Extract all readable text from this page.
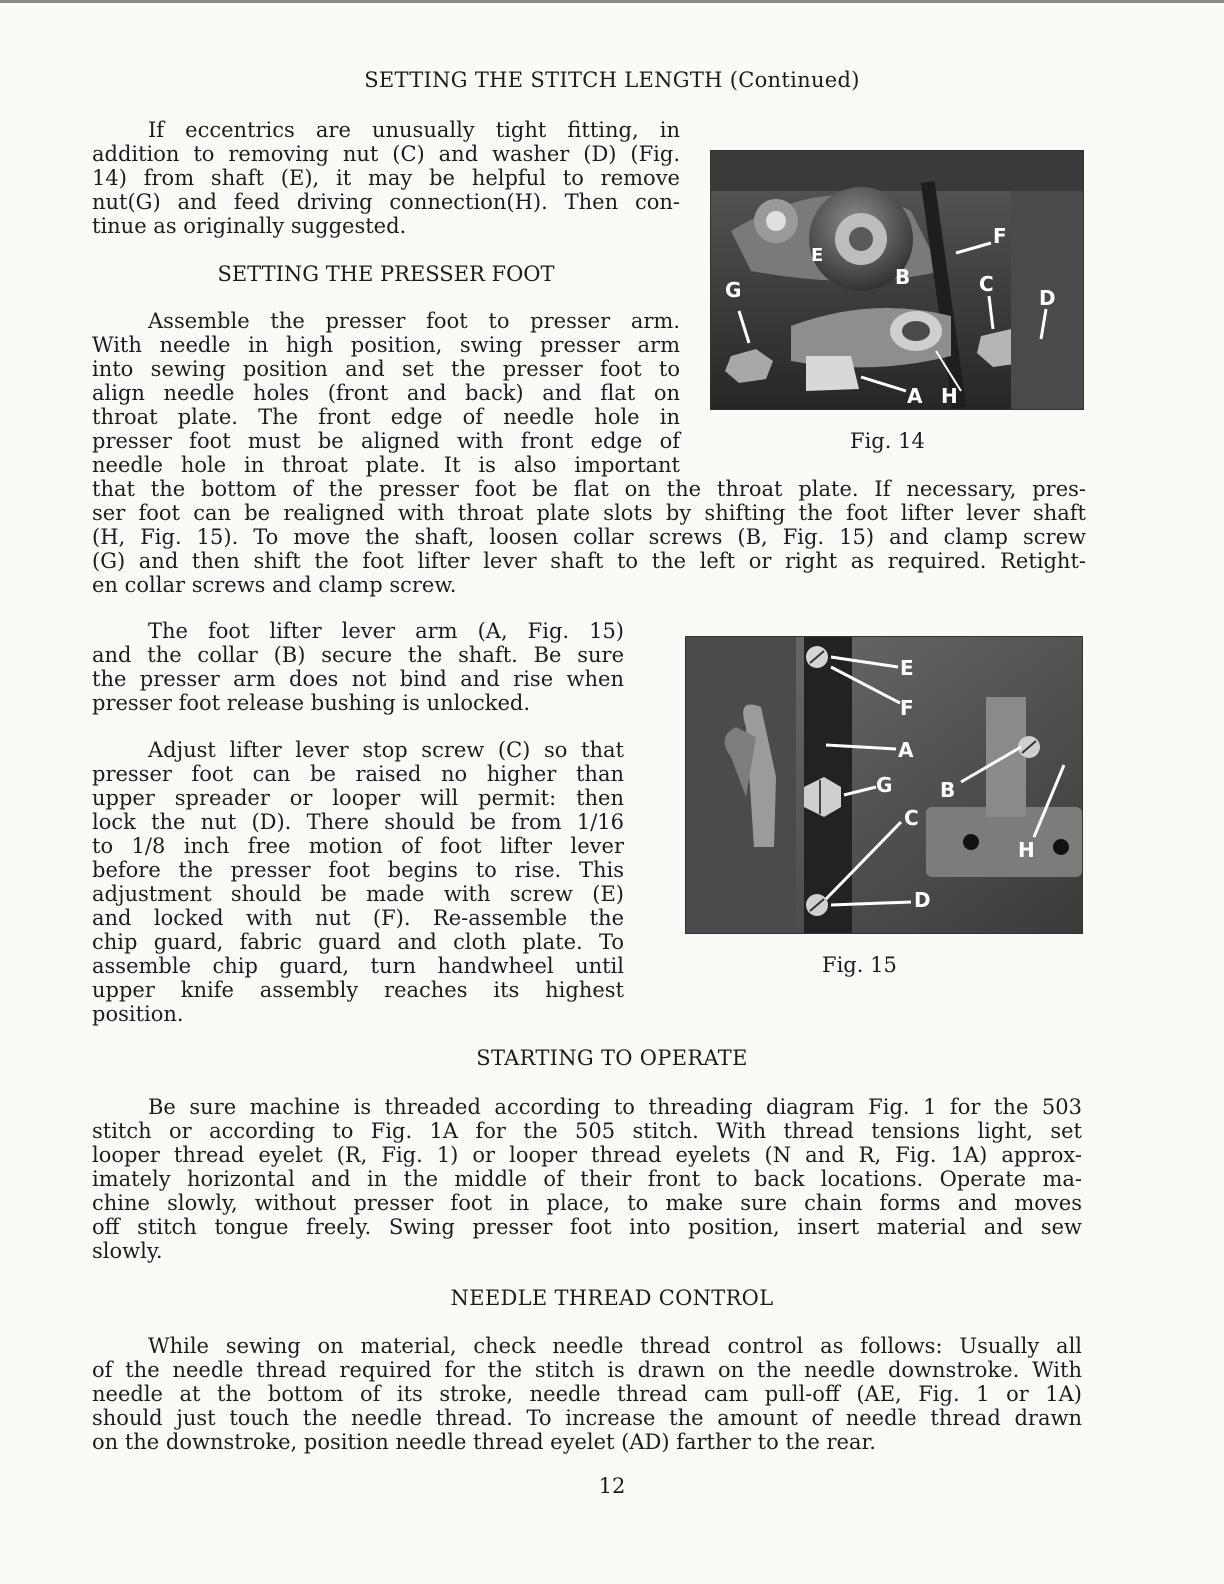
SETTING THE STITCH LENGTH (Continued)
If eccentrics are unusually tight fitting, in
addition to removing nut (C) and washer (D) (Fig.
14) from shaft (E), it may be helpful to remove
nut(G) and feed driving connection(H). Then con-
tinue as originally suggested.
SETTING THE PRESSER FOOT
Assemble the presser foot to presser arm.
With needle in high position, swing presser arm
into sewing position and set the presser foot to
align needle holes (front and back) and flat on
throat plate. The front edge of needle hole in
presser foot must be aligned with front edge of
needle hole in throat plate. It is also important
that the bottom of the presser foot be flat on the throat plate. If necessary, pres-
ser foot can be realigned with throat plate slots by shifting the foot lifter lever shaft
(H, Fig. 15). To move the shaft, loosen collar screws (B, Fig. 15) and clamp screw
(G) and then shift the foot lifter lever shaft to the left or right as required. Retight-
en collar screws and clamp screw.
E
F
B
G	C
D
A H
Fig. 14
The foot lifter lever arm (A, Fig. 15)
and the collar (B) secure the shaft. Be sure
the presser arm does not bind and rise when
presser foot release bushing is unlocked.
Adjust lifter lever stop screw (C) so that
presser foot can be raised no higher than
upper spreader or looper will permit: then
lock the nut (D). There should be from 1/16
to 1/8 inch free motion of foot lifter lever
before the presser foot begins to rise. This
adjustment should be made with screw (E)
and locked with nut (F). Re-assemble the
chip guard, fabric guard and cloth plate. To
assemble chip guard, turn handwheel until
upper knife assembly reaches its highest
position.
E
F
A
G B
C
H
D
Fig. 15
STARTING TO OPERATE
Be sure machine is threaded according to threading diagram Fig. 1 for the 503
stitch or according to Fig. 1A for the 505 stitch. With thread tensions light, set
looper thread eyelet (R, Fig. 1) or looper thread eyelets (N and R, Fig. 1A) approx-
imately horizontal and in the middle of their front to back locations. Operate ma-
chine slowly, without presser foot in place, to make sure chain forms and moves
off stitch tongue freely. Swing presser foot into position, insert material and sew
slowly.
NEEDLE THREAD CONTROL
While sewing on material, check needle thread control as follows: Usually all
of the needle thread required for the stitch is drawn on the needle downstroke. With
needle at the bottom of its stroke, needle thread cam pull-off (AE, Fig. 1 or 1A)
should just touch the needle thread. To increase the amount of needle thread drawn
on the downstroke, position needle thread eyelet (AD) farther to the rear.
12
